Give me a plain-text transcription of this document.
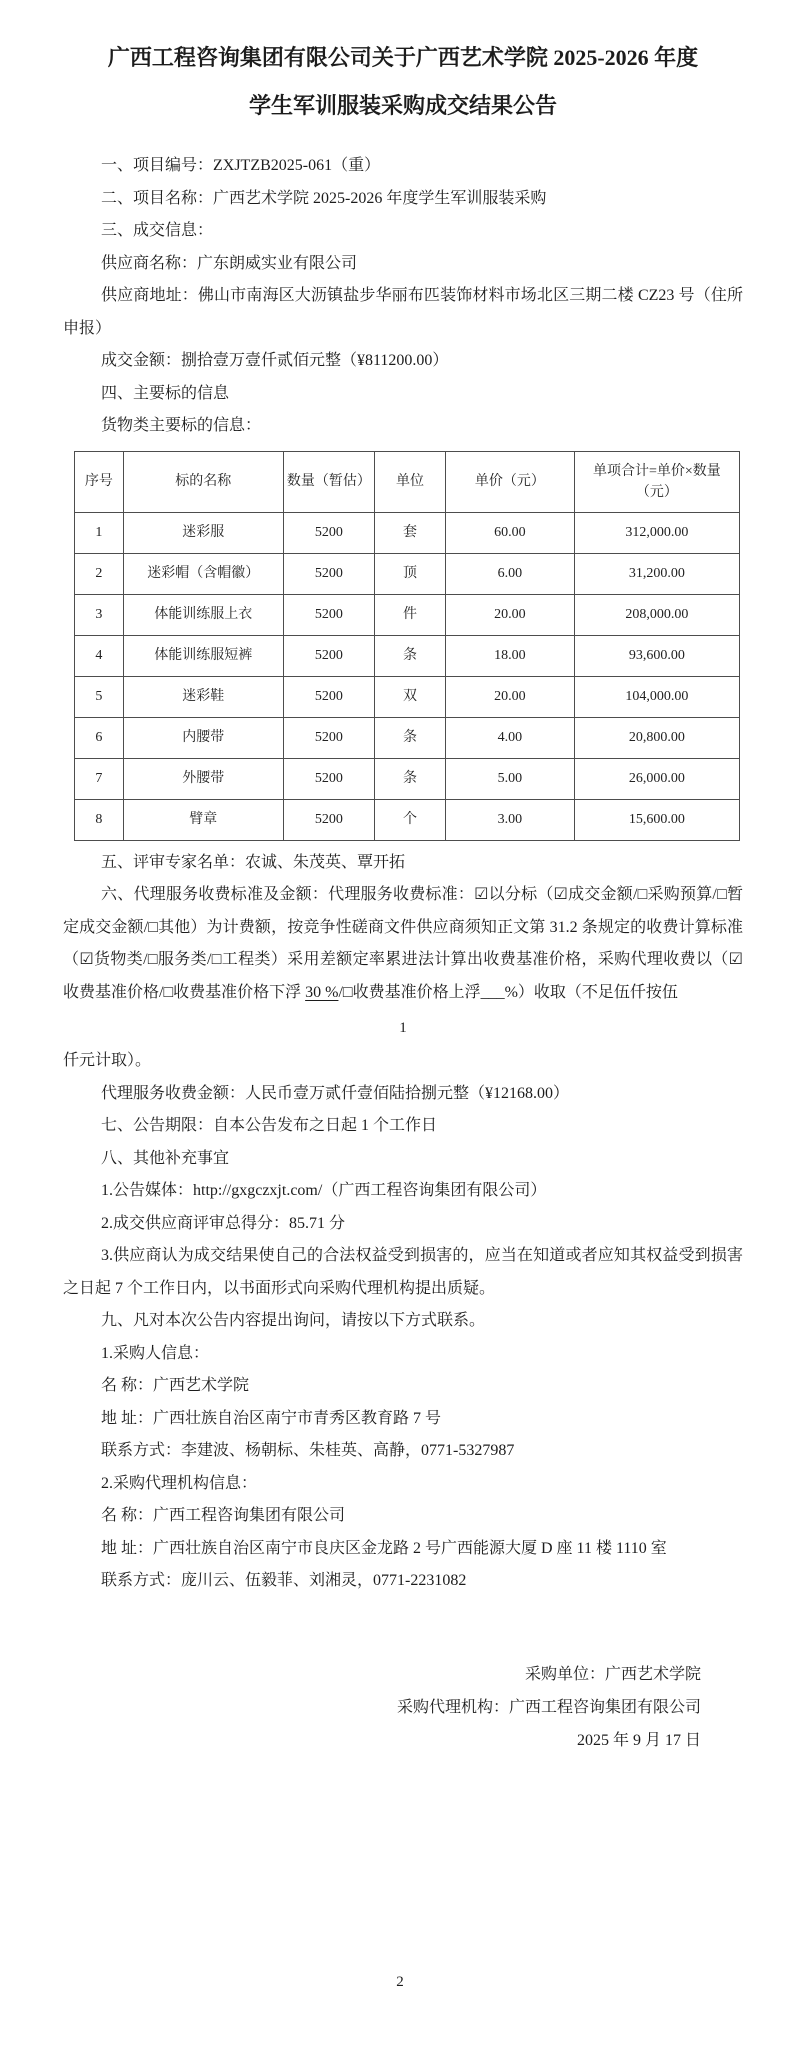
广西工程咨询集团有限公司关于广西艺术学院 2025-2026 年度
学生军训服装采购成交结果公告

一、项目编号：ZXJTZB2025-061（重）

二、项目名称：广西艺术学院 2025-2026 年度学生军训服装采购

三、成交信息：

供应商名称：广东朗威实业有限公司

供应商地址：佛山市南海区大沥镇盐步华丽布匹装饰材料市场北区三期二楼 CZ23 号（住所申报）

成交金额：捌拾壹万壹仟贰佰元整（¥811200.00）

四、主要标的信息

货物类主要标的信息：

序号	标的名称	数量（暂估）	单位	单价（元）	单项合计=单价×数量（元）
1	迷彩服	5200	套	60.00	312,000.00
2	迷彩帽（含帽徽）	5200	顶	6.00	31,200.00
3	体能训练服上衣	5200	件	20.00	208,000.00
4	体能训练服短裤	5200	条	18.00	93,600.00
5	迷彩鞋	5200	双	20.00	104,000.00
6	内腰带	5200	条	4.00	20,800.00
7	外腰带	5200	条	5.00	26,000.00
8	臂章	5200	个	3.00	15,600.00

五、评审专家名单：农诚、朱茂英、覃开拓

六、代理服务收费标准及金额：代理服务收费标准：☑以分标（☑成交金额/□采购预算/□暂定成交金额/□其他）为计费额，按竞争性磋商文件供应商须知正文第 31.2 条规定的收费计算标准（☑货物类/□服务类/□工程类）采用差额定率累进法计算出收费基准价格，采购代理收费以（☑收费基准价格/□收费基准价格下浮 30 %/□收费基准价格上浮___%）收取（不足伍仟按伍

1

仟元计取）。

代理服务收费金额：人民币壹万贰仟壹佰陆拾捌元整（¥12168.00）

七、公告期限：自本公告发布之日起 1 个工作日

八、其他补充事宜

1.公告媒体：http://gxgczxjt.com/（广西工程咨询集团有限公司）

2.成交供应商评审总得分：85.71 分

3.供应商认为成交结果使自己的合法权益受到损害的，应当在知道或者应知其权益受到损害之日起 7 个工作日内，以书面形式向采购代理机构提出质疑。

九、凡对本次公告内容提出询问，请按以下方式联系。

1.采购人信息：

名 称：广西艺术学院

地 址：广西壮族自治区南宁市青秀区教育路 7 号

联系方式：李建波、杨朝标、朱桂英、高静，0771-5327987

2.采购代理机构信息：

名 称：广西工程咨询集团有限公司

地 址：广西壮族自治区南宁市良庆区金龙路 2 号广西能源大厦 D 座 11 楼 1110 室

联系方式：庞川云、伍毅菲、刘湘灵，0771-2231082

采购单位：广西艺术学院
采购代理机构：广西工程咨询集团有限公司
2025 年 9 月 17 日
2
